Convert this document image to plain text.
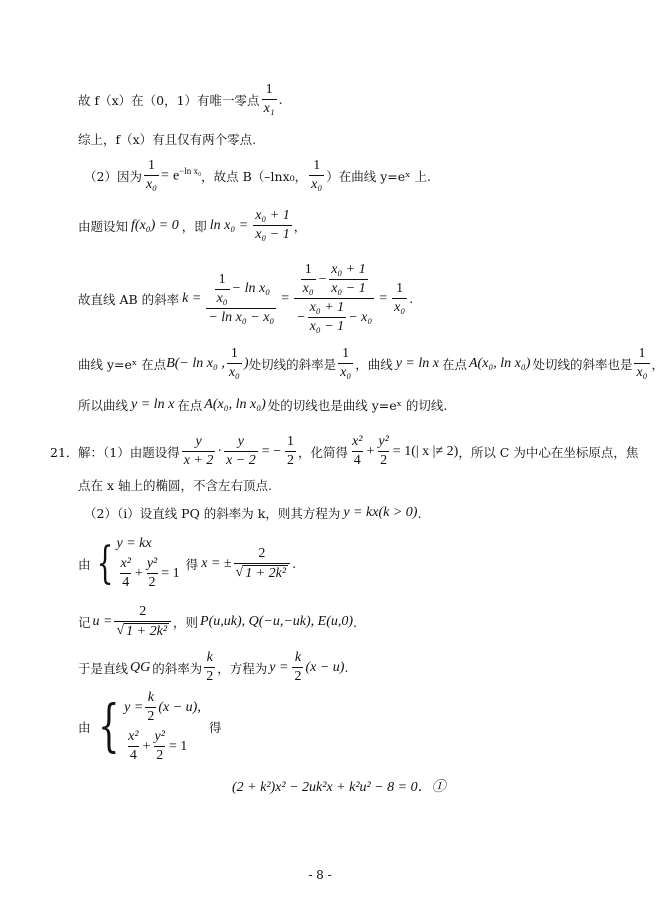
故 f（x）在（0，1）有唯一零点 $\frac{1}{\text{x₁}}$ .
综上，f（x）有且仅有两个零点.
（2）因为 $\frac{1}{\text{x₀}} = e^{-ln x_0}$ ，故点 B（–lnx₀， $\frac{1}{\text{x₀}}$ ）在曲线 y=eˣ 上.
由题设知 f(x₀) = 0 ，即 $\ln x_0 = \frac{\text{x₀ + 1}}{\text{x₀ − 1}}$ ，
故直线 AB 的斜率 $k = \frac{\frac{1}{\text{x₀}} - \ln x_0}{\text{− ln x₀ − x₀}} = \frac{\frac{1}{\text{x₀}} - \frac{\text{x₀ + 1}}{\text{x₀ − 1}}}{- \frac{\text{x₀ + 1}}{\text{x₀ − 1}} - x_0} = \frac{1}{\text{x₀}}$ .
曲线 y=eˣ 在点 B(− ln x₀ , $\frac{1}{\text{x₀}}$ ) 处切线的斜率是 $\frac{1}{\text{x₀}}$ ，曲线 y = ln x 在点 A(x₀, ln x₀) 处切线的斜率也是 $\frac{1}{\text{x₀}}$ ，
所以曲线 y = ln x 在点 A(x₀, ln x₀) 处的切线也是曲线 y=eˣ 的切线.
21． 解：（1）由题设得 $\frac{y}{x + 2} \cdot \frac{y}{x - 2}$ = − $\frac{1}{2}$ ，化简得 $\frac{\text{x²}}{4} + \frac{\text{y²}}{2} = 1(|$ x |≠ 2) ，所以 C 为中心在坐标原点，焦
点在 x 轴上的椭圆，不含左右顶点.
（2）（i）设直线 PQ 的斜率为 k，则其方程为 y = kx(k > 0) .
由 { y = kx
$\frac{\text{x²}}{4} + \frac{\text{y²}}{2} = 1$
得 x = ± $\frac{2}{\text{√ 1 + 2k²}}$ .
记 $u = \frac{2}{\text{√ 1 + 2k²}}$ ，则 P(u,uk), Q(−u,−uk), E(u,0) .
于是直线 QG 的斜率为 $\frac{k}{2}$ ，方程为 $y = \frac{k}{2} (x - u)$ .
由 { $y = \frac{k}{2} (x - u)$,
$\frac{\text{x²}}{4} + \frac{\text{y²}}{2} = 1$
得
(2 + k²)x² − 2uk²x + k²u² − 8 = 0．①
- 8 -
